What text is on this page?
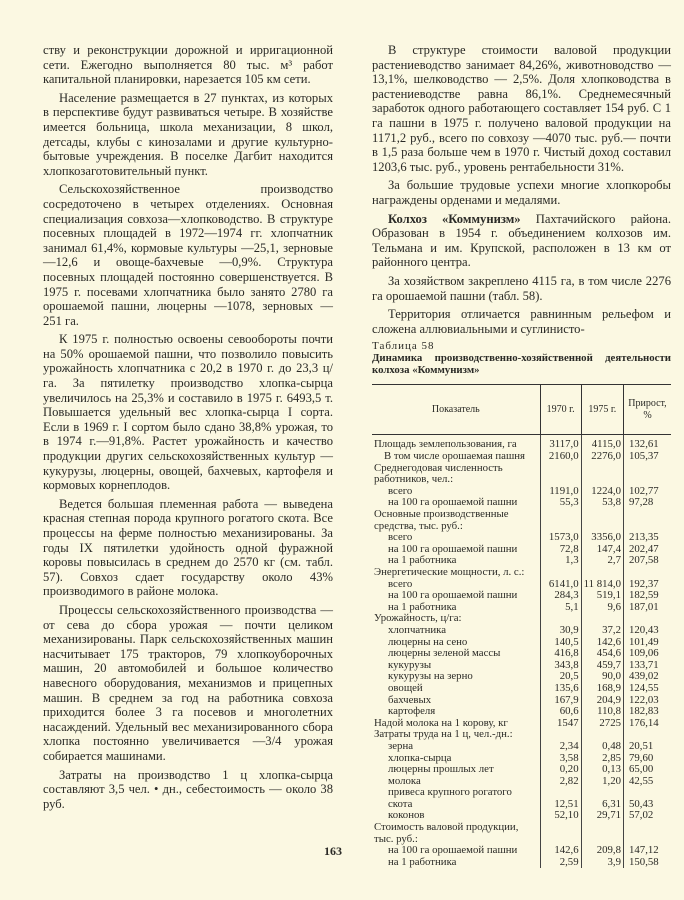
ству и реконструкции дорожной и ирригационной сети. Ежегодно выполняется 80 тыс. м³ работ капитальной планировки, нарезается 105 км сети.

Население размещается в 27 пунктах, из которых в перспективе будут развиваться четыре. В хозяйстве имеется больница, школа механизации, 8 школ, детсады, клубы с кинозалами и другие культурно-бытовые учреждения. В поселке Дагбит находится хлопкозаготовительный пункт.

Сельскохозяйственное производство сосредоточено в четырех отделениях. Основная специализация совхоза—хлопководство. В структуре посевных площадей в 1972—1974 гг. хлопчатник занимал 61,4%, кормовые культуры —25,1, зерновые —12,6 и овоще-бахчевые —0,9%. Структура посевных площадей постоянно совершенствуется. В 1975 г. посевами хлопчатника было занято 2780 га орошаемой пашни, люцерны —1078, зерновых — 251 га.

К 1975 г. полностью освоены севообороты почти на 50% орошаемой пашни, что позволило повысить урожайность хлопчатника с 20,2 в 1970 г. до 23,3 ц/га. За пятилетку производство хлопка-сырца увеличилось на 25,3% и составило в 1975 г. 6493,5 т. Повышается удельный вес хлопка-сырца I сорта. Если в 1969 г. I сортом было сдано 38,8% урожая, то в 1974 г.—91,8%. Растет урожайность и качество продукции других сельскохозяйственных культур — кукурузы, люцерны, овощей, бахчевых, картофеля и кормовых корнеплодов.

Ведется большая племенная работа — выведена красная степная порода крупного рогатого скота. Все процессы на ферме полностью механизированы. За годы IX пятилетки удойность одной фуражной коровы повысилась в среднем до 2570 кг (см. табл. 57). Совхоз сдает государству около 43% производимого в районе молока.

Процессы сельскохозяйственного производства — от сева до сбора урожая — почти целиком механизированы. Парк сельскохозяйственных машин насчитывает 175 тракторов, 79 хлопкоуборочных машин, 20 автомобилей и большое количество навесного оборудования, механизмов и прицепных машин. В среднем за год на работника совхоза приходится более 3 га посевов и многолетних насаждений. Удельный вес механизированного сбора хлопка постоянно увеличивается —3/4 урожая собирается машинами.

Затраты на производство 1 ц хлопка-сырца составляют 3,5 чел. • дн., себестоимость — около 38 руб.

В структуре стоимости валовой продукции растениеводство занимает 84,26%, животноводство —13,1%, шелководство — 2,5%. Доля хлопководства в растениеводстве равна 86,1%. Среднемесячный заработок одного работающего составляет 154 руб. С 1 га пашни в 1975 г. получено валовой продукции на 1171,2 руб., всего по совхозу —4070 тыс. руб.— почти в 1,5 раза больше чем в 1970 г. Чистый доход составил 1203,6 тыс. руб., уровень рентабельности 31%.

За большие трудовые успехи многие хлопкоробы награждены орденами и медалями.

Колхоз «Коммунизм» Пахтачийского района. Образован в 1954 г. объединением колхозов им. Тельмана и им. Крупской, расположен в 13 км от районного центра.

За хозяйством закреплено 4115 га, в том числе 2276 га орошаемой пашни (табл. 58).

Территория отличается равнинным рельефом и сложена аллювиальными и суглинисто-

Таблица 58
Динамика производственно-хозяйственной деятельности колхоза «Коммунизм»
Показатель	1970 г.	1975 г.	Прирост, %
Площадь землепользования, га	3117,0	4115,0	132,61
В том числе орошаемая пашня	2160,0	2276,0	105,37
Среднегодовая численность работников, чел.:			
всего	1191,0	1224,0	102,77
на 100 га орошаемой пашни	55,3	53,8	97,28
Основные производственные средства, тыс. руб.:			
всего	1573,0	3356,0	213,35
на 100 га орошаемой пашни	72,8	147,4	202,47
на 1 работника	1,3	2,7	207,58
Энергетические мощности, л. с.:			
всего	6141,0	11 814,0	192,37
на 100 га орошаемой пашни	284,3	519,1	182,59
на 1 работника	5,1	9,6	187,01
Урожайность, ц/га:			
хлопчатника	30,9	37,2	120,43
люцерны на сено	140,5	142,6	101,49
люцерны зеленой массы	416,8	454,6	109,06
кукурузы	343,8	459,7	133,71
кукурузы на зерно	20,5	90,0	439,02
овощей	135,6	168,9	124,55
бахчевых	167,9	204,9	122,03
картофеля	60,6	110,8	182,83
Надой молока на 1 корову, кг	1547	2725	176,14
Затраты труда на 1 ц, чел.-дн.:			
зерна	2,34	0,48	20,51
хлопка-сырца	3,58	2,85	79,60
люцерны прошлых лет	0,20	0,13	65,00
молока	2,82	1,20	42,55
привеса крупного рогатого скота	12,51	6,31	50,43
коконов	52,10	29,71	57,02
Стоимость валовой продукции, тыс. руб.:			
на 100 га орошаемой пашни	142,6	209,8	147,12
на 1 работника	2,59	3,9	150,58
163
